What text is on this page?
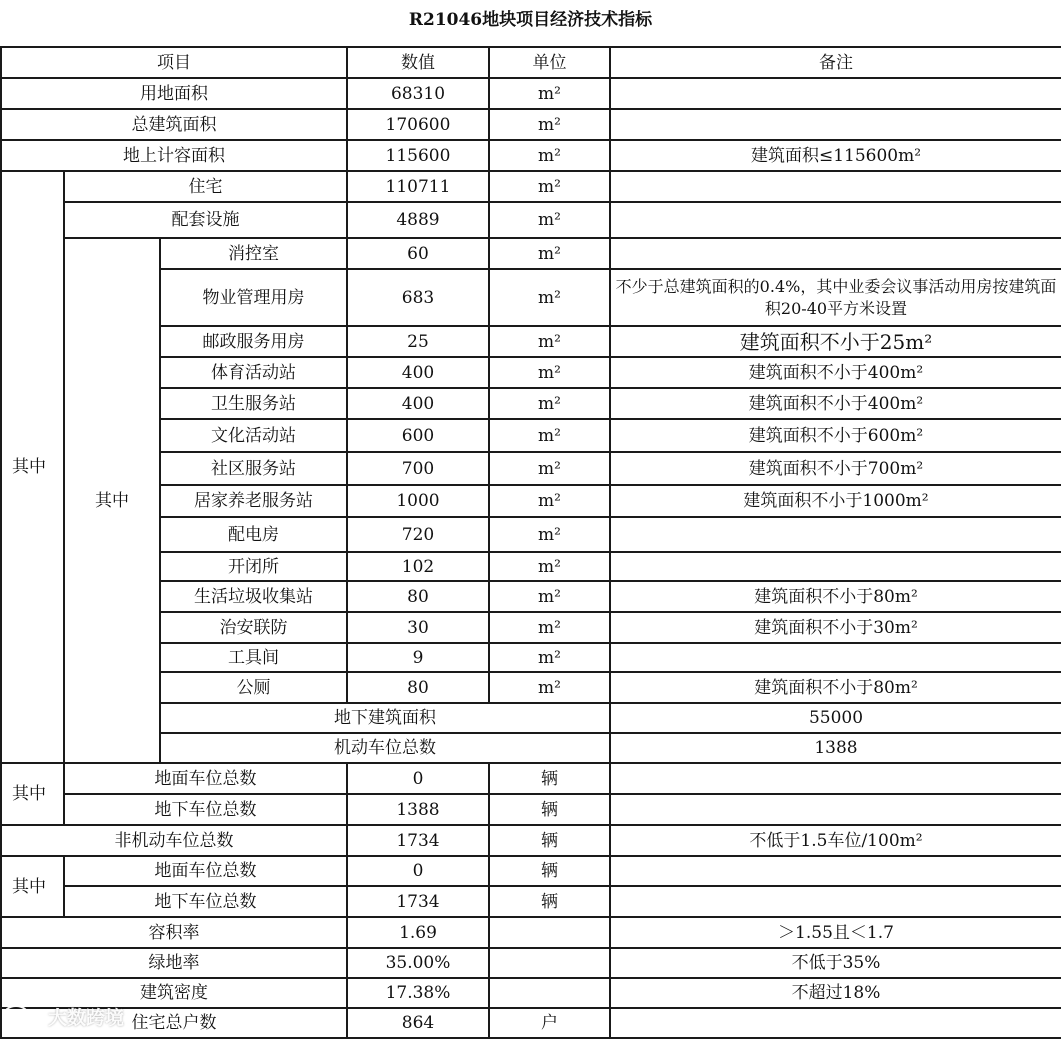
R21046地块项目经济技术指标
项目			数值	单位	备注	
用地面积			68310	m²		
总建筑面积			170600	m²		
地上计容面积			115600	m²	建筑面积≤115600m²	
其中	住宅		110711	m²		
	配套设施		4889	m²		
	其中	消控室	60	m²		
		物业管理用房	683	m²	不少于总建筑面积的0.4%，其中业委会议事活动用房按建筑面积20-40平方米设置	
		邮政服务用房	25	m²	建筑面积不小于25m²	
		体育活动站	400	m²	建筑面积不小于400m²	
		卫生服务站	400	m²	建筑面积不小于400m²	
		文化活动站	600	m²	建筑面积不小于600m²	
		社区服务站	700	m²	建筑面积不小于700m²	
		居家养老服务站	1000	m²	建筑面积不小于1000m²	
		配电房	720	m²		
		开闭所	102	m²		
		生活垃圾收集站	80	m²	建筑面积不小于80m²	
		治安联防	30	m²	建筑面积不小于30m²	
		工具间	9	m²		
		公厕	80	m²	建筑面积不小于80m²	
		地下建筑面积			55000		
		机动车位总数			1388		
其中	地面车位总数		0	辆		
	地下车位总数		1388	辆		
非机动车位总数			1734	辆	不低于1.5车位/100m²	
其中	地面车位总数		0	辆		
	地下车位总数		1734	辆		
容积率			1.69		＞1.55且＜1.7	
绿地率			35.00%		不低于35%	
建筑密度			17.38%		不超过18%	
住宅总户数			864	户		
大数跨境
